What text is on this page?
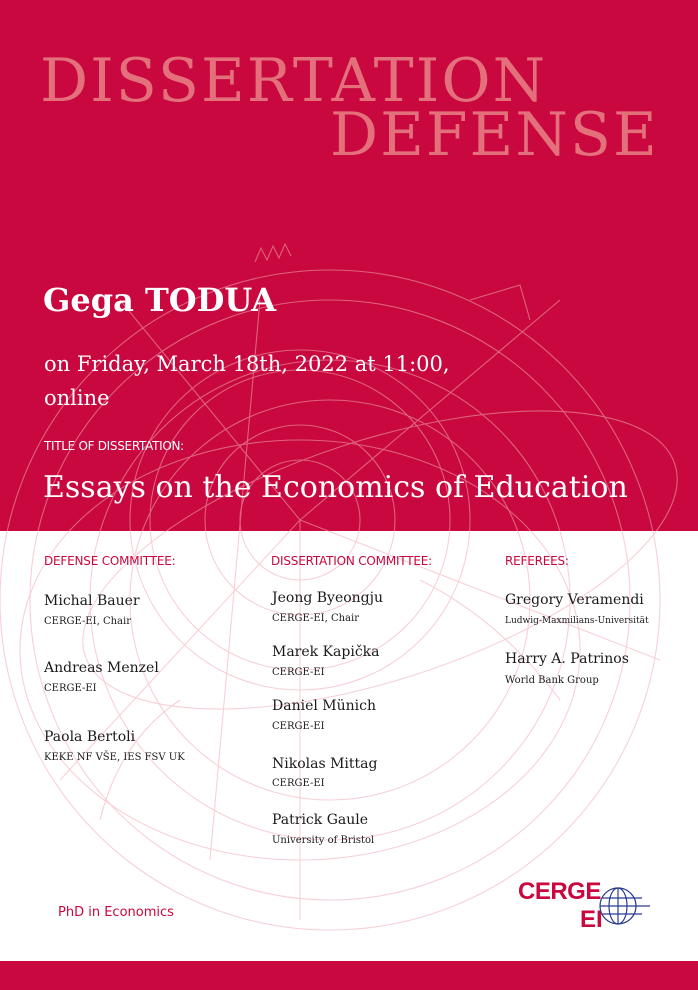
DISSERTATION
DEFENSE
Gega TODUA
on Friday, March 18th, 2022 at 11:00,
online
TITLE OF DISSERTATION:
Essays on the Economics of Education
DEFENSE COMMITTEE:	DISSERTATION COMMITTEE:	REFEREES:
Michal Bauer
CERGE-EI, Chair
Andreas Menzel
CERGE-EI
Paola Bertoli
KEKE NF VŠE, IES FSV UK
Jeong Byeongju
CERGE-EI, Chair
Marek Kapička
CERGE-EI
Daniel Münich
CERGE-EI
Nikolas Mittag
CERGE-EI
Patrick Gaule
University of Bristol
Gregory Veramendi
Ludwig-Maxmilians-Universität
Harry A. Patrinos
World Bank Group
PhD in Economics
CERGE
EI
